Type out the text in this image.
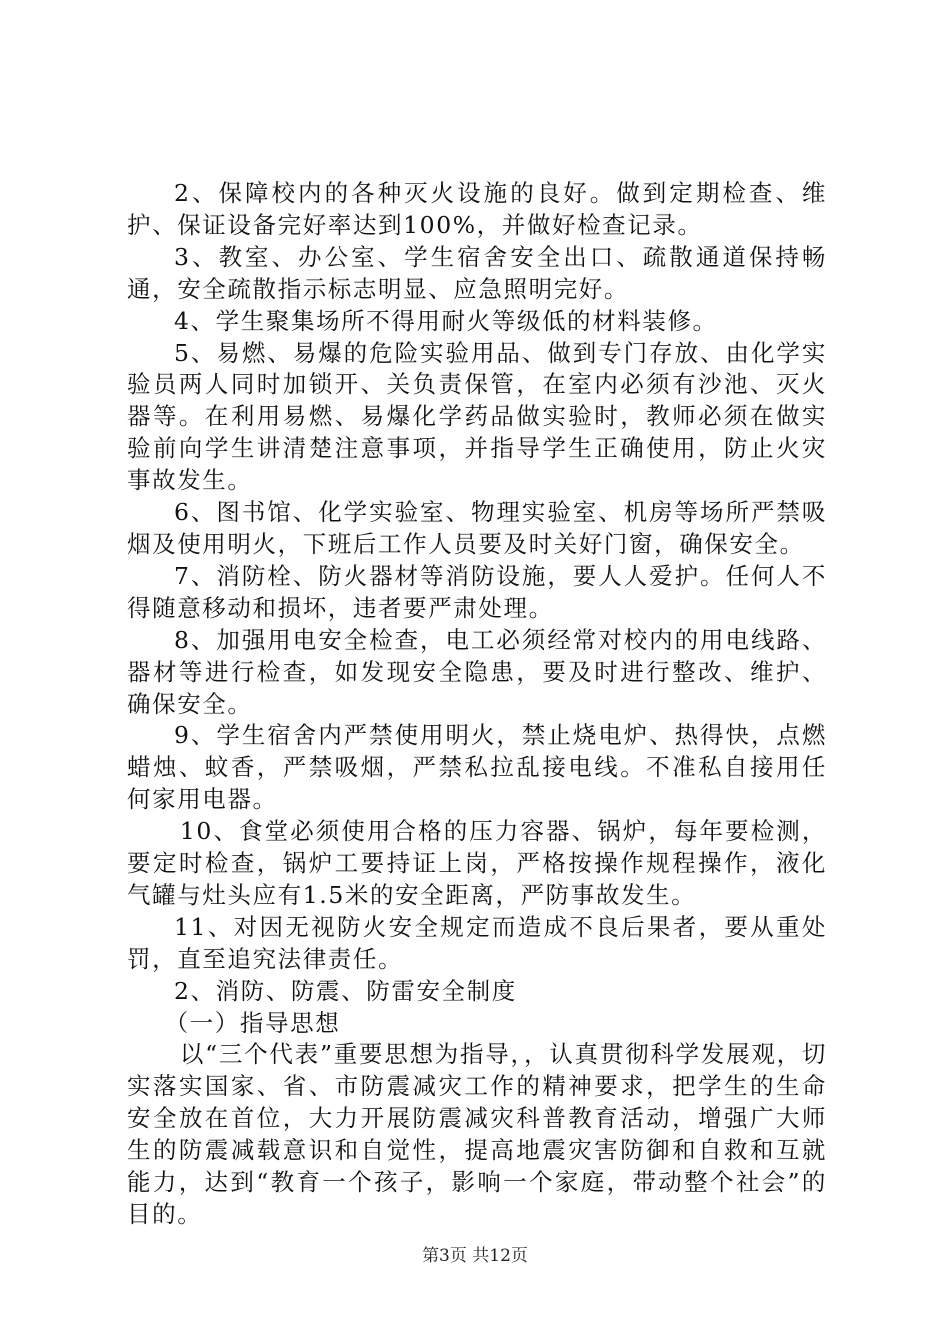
2、保障校内的各种灭火设施的良好。做到定期检查、维护、保证设备完好率达到100%，并做好检查记录。

3、教室、办公室、学生宿舍安全出口、疏散通道保持畅通，安全疏散指示标志明显、应急照明完好。

4、学生聚集场所不得用耐火等级低的材料装修。

5、易燃、易爆的危险实验用品、做到专门存放、由化学实验员两人同时加锁开、关负责保管，在室内必须有沙池、灭火器等。在利用易燃、易爆化学药品做实验时，教师必须在做实验前向学生讲清楚注意事项，并指导学生正确使用，防止火灾事故发生。

6、图书馆、化学实验室、物理实验室、机房等场所严禁吸烟及使用明火，下班后工作人员要及时关好门窗，确保安全。

7、消防栓、防火器材等消防设施，要人人爱护。任何人不得随意移动和损坏，违者要严肃处理。

8、加强用电安全检查，电工必须经常对校内的用电线路、器材等进行检查，如发现安全隐患，要及时进行整改、维护、确保安全。

9、学生宿舍内严禁使用明火，禁止烧电炉、热得快，点燃蜡烛、蚊香，严禁吸烟，严禁私拉乱接电线。不准私自接用任何家用电器。

10、食堂必须使用合格的压力容器、锅炉，每年要检测，要定时检查，锅炉工要持证上岗，严格按操作规程操作，液化气罐与灶头应有1.5米的安全距离，严防事故发生。

11、对因无视防火安全规定而造成不良后果者，要从重处罚，直至追究法律责任。

2、消防、防震、防雷安全制度

（一）指导思想

以“三个代表”重要思想为指导，，认真贯彻科学发展观，切实落实国家、省、市防震减灾工作的精神要求，把学生的生命安全放在首位，大力开展防震减灾科普教育活动，增强广大师生的防震减载意识和自觉性，提高地震灾害防御和自救和互就能力，达到“教育一个孩子，影响一个家庭，带动整个社会”的目的。

第3页 共12页
